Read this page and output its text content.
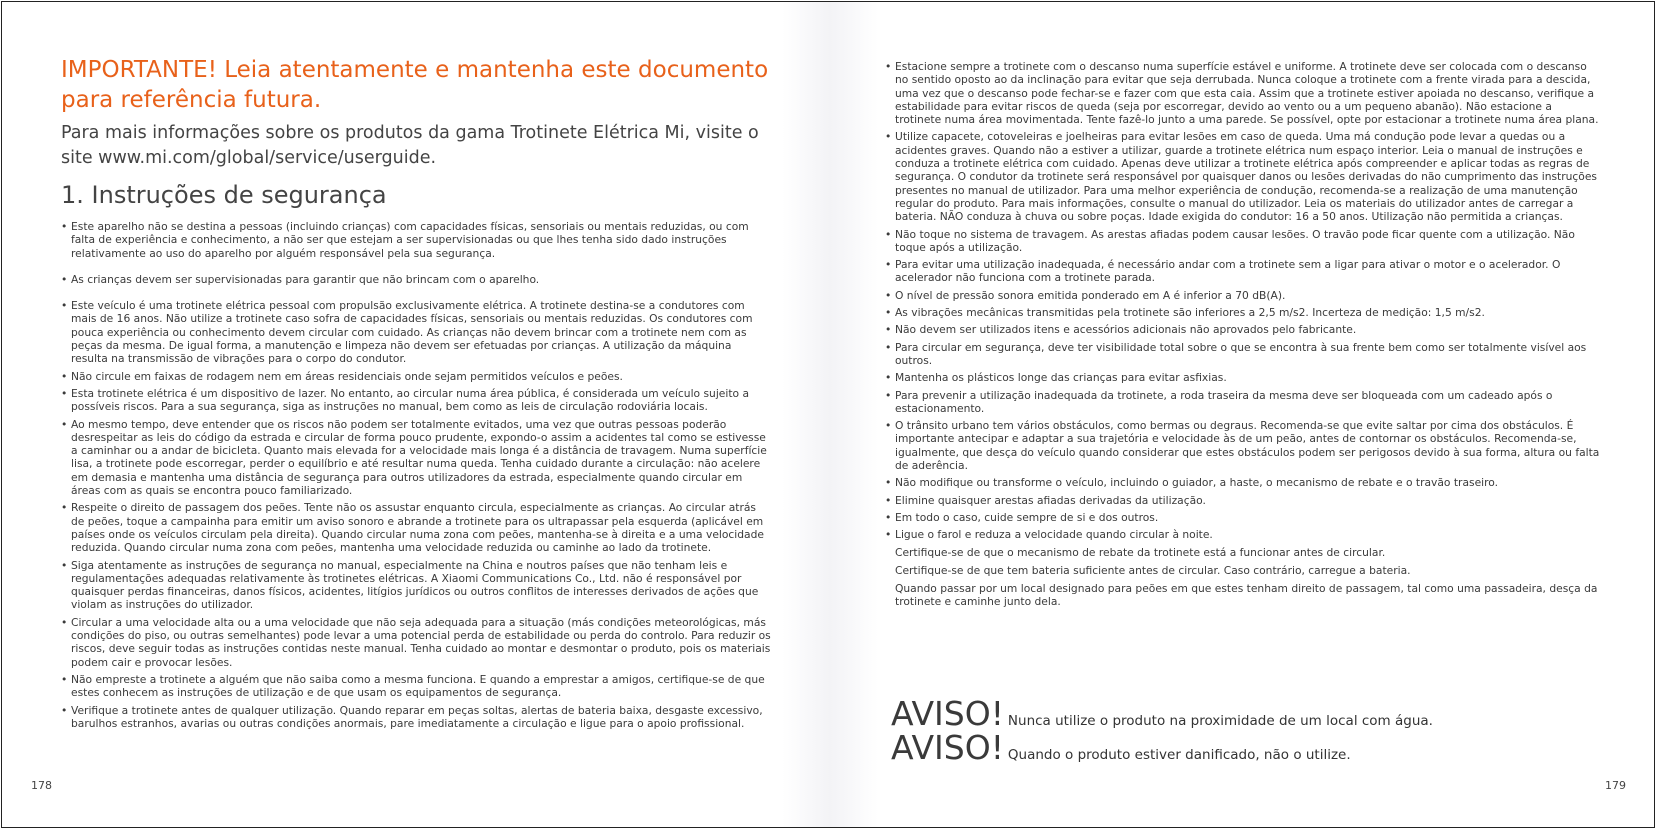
IMPORTANTE! Leia atentamente e mantenha este documento para referência futura.

Para mais informações sobre os produtos da gama Trotinete Elétrica Mi, visite o site www.mi.com/global/service/userguide.

1. Instruções de segurança
• Este aparelho não se destina a pessoas (incluindo crianças) com capacidades físicas, sensoriais ou mentais reduzidas, ou com falta de experiência e conhecimento, a não ser que estejam a ser supervisionadas ou que lhes tenha sido dado instruções relativamente ao uso do aparelho por alguém responsável pela sua segurança.
• As crianças devem ser supervisionadas para garantir que não brincam com o aparelho.
• Este veículo é uma trotinete elétrica pessoal com propulsão exclusivamente elétrica. A trotinete destina-se a condutores com mais de 16 anos. Não utilize a trotinete caso sofra de capacidades físicas, sensoriais ou mentais reduzidas. Os condutores com pouca experiência ou conhecimento devem circular com cuidado. As crianças não devem brincar com a trotinete nem com as peças da mesma. De igual forma, a manutenção e limpeza não devem ser efetuadas por crianças. A utilização da máquina resulta na transmissão de vibrações para o corpo do condutor.
• Não circule em faixas de rodagem nem em áreas residenciais onde sejam permitidos veículos e peões.
• Esta trotinete elétrica é um dispositivo de lazer. No entanto, ao circular numa área pública, é considerada um veículo sujeito a possíveis riscos. Para a sua segurança, siga as instruções no manual, bem como as leis de circulação rodoviária locais.
• Ao mesmo tempo, deve entender que os riscos não podem ser totalmente evitados, uma vez que outras pessoas poderão desrespeitar as leis do código da estrada e circular de forma pouco prudente, expondo-o assim a acidentes tal como se estivesse a caminhar ou a andar de bicicleta. Quanto mais elevada for a velocidade mais longa é a distância de travagem. Numa superfície lisa, a trotinete pode escorregar, perder o equilíbrio e até resultar numa queda. Tenha cuidado durante a circulação: não acelere em demasia e mantenha uma distância de segurança para outros utilizadores da estrada, especialmente quando circular em áreas com as quais se encontra pouco familiarizado.
• Respeite o direito de passagem dos peões. Tente não os assustar enquanto circula, especialmente as crianças. Ao circular atrás de peões, toque a campainha para emitir um aviso sonoro e abrande a trotinete para os ultrapassar pela esquerda (aplicável em países onde os veículos circulam pela direita). Quando circular numa zona com peões, mantenha-se à direita e a uma velocidade reduzida. Quando circular numa zona com peões, mantenha uma velocidade reduzida ou caminhe ao lado da trotinete.
• Siga atentamente as instruções de segurança no manual, especialmente na China e noutros países que não tenham leis e regulamentações adequadas relativamente às trotinetes elétricas. A Xiaomi Communications Co., Ltd. não é responsável por quaisquer perdas financeiras, danos físicos, acidentes, litígios jurídicos ou outros conflitos de interesses derivados de ações que violam as instruções do utilizador.
• Circular a uma velocidade alta ou a uma velocidade que não seja adequada para a situação (más condições meteorológicas, más condições do piso, ou outras semelhantes) pode levar a uma potencial perda de estabilidade ou perda do controlo. Para reduzir os riscos, deve seguir todas as instruções contidas neste manual. Tenha cuidado ao montar e desmontar o produto, pois os materiais podem cair e provocar lesões.
• Não empreste a trotinete a alguém que não saiba como a mesma funciona. E quando a emprestar a amigos, certifique-se de que estes conhecem as instruções de utilização e de que usam os equipamentos de segurança.
• Verifique a trotinete antes de qualquer utilização. Quando reparar em peças soltas, alertas de bateria baixa, desgaste excessivo, barulhos estranhos, avarias ou outras condições anormais, pare imediatamente a circulação e ligue para o apoio profissional.
178
• Estacione sempre a trotinete com o descanso numa superfície estável e uniforme. A trotinete deve ser colocada com o descanso no sentido oposto ao da inclinação para evitar que seja derrubada. Nunca coloque a trotinete com a frente virada para a descida, uma vez que o descanso pode fechar-se e fazer com que esta caia. Assim que a trotinete estiver apoiada no descanso, verifique a estabilidade para evitar riscos de queda (seja por escorregar, devido ao vento ou a um pequeno abanão). Não estacione a trotinete numa área movimentada. Tente fazê-lo junto a uma parede. Se possível, opte por estacionar a trotinete numa área plana.
• Utilize capacete, cotoveleiras e joelheiras para evitar lesões em caso de queda. Uma má condução pode levar a quedas ou a acidentes graves. Quando não a estiver a utilizar, guarde a trotinete elétrica num espaço interior. Leia o manual de instruções e conduza a trotinete elétrica com cuidado. Apenas deve utilizar a trotinete elétrica após compreender e aplicar todas as regras de segurança. O condutor da trotinete será responsável por quaisquer danos ou lesões derivadas do não cumprimento das instruções presentes no manual de utilizador. Para uma melhor experiência de condução, recomenda-se a realização de uma manutenção regular do produto. Para mais informações, consulte o manual do utilizador. Leia os materiais do utilizador antes de carregar a bateria. NÃO conduza à chuva ou sobre poças. Idade exigida do condutor: 16 a 50 anos. Utilização não permitida a crianças.
• Não toque no sistema de travagem. As arestas afiadas podem causar lesões. O travão pode ficar quente com a utilização. Não toque após a utilização.
• Para evitar uma utilização inadequada, é necessário andar com a trotinete sem a ligar para ativar o motor e o acelerador. O acelerador não funciona com a trotinete parada.
• O nível de pressão sonora emitida ponderado em A é inferior a 70 dB(A).
• As vibrações mecânicas transmitidas pela trotinete são inferiores a 2,5 m/s2. Incerteza de medição: 1,5 m/s2.
• Não devem ser utilizados itens e acessórios adicionais não aprovados pelo fabricante.
• Para circular em segurança, deve ter visibilidade total sobre o que se encontra à sua frente bem como ser totalmente visível aos outros.
• Mantenha os plásticos longe das crianças para evitar asfixias.
• Para prevenir a utilização inadequada da trotinete, a roda traseira da mesma deve ser bloqueada com um cadeado após o estacionamento.
• O trânsito urbano tem vários obstáculos, como bermas ou degraus. Recomenda-se que evite saltar por cima dos obstáculos. É importante antecipar e adaptar a sua trajetória e velocidade às de um peão, antes de contornar os obstáculos. Recomenda-se, igualmente, que desça do veículo quando considerar que estes obstáculos podem ser perigosos devido à sua forma, altura ou falta de aderência.
• Não modifique ou transforme o veículo, incluindo o guiador, a haste, o mecanismo de rebate e o travão traseiro.
• Elimine quaisquer arestas afiadas derivadas da utilização.
• Em todo o caso, cuide sempre de si e dos outros.
• Ligue o farol e reduza a velocidade quando circular à noite.
Certifique-se de que o mecanismo de rebate da trotinete está a funcionar antes de circular.
Certifique-se de que tem bateria suficiente antes de circular. Caso contrário, carregue a bateria.
Quando passar por um local designado para peões em que estes tenham direito de passagem, tal como uma passadeira, desça da trotinete e caminhe junto dela.
AVISO! Nunca utilize o produto na proximidade de um local com água.
AVISO! Quando o produto estiver danificado, não o utilize.
179
